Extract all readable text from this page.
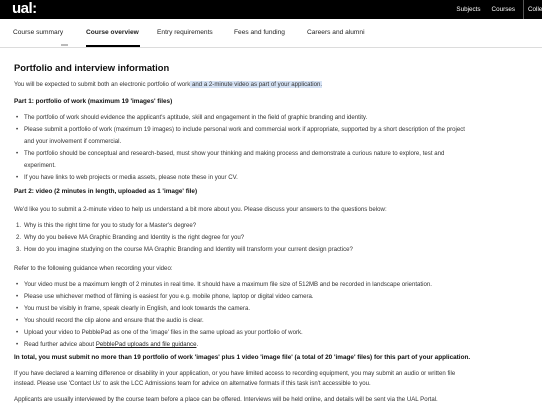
ual:	Subjects Courses Colleges
Course summary	Course overview	Entry requirements	Fees and funding	Careers and alumni
Portfolio and interview information

You will be expected to submit both an electronic portfolio of work and a 2-minute video as part of your application.

Part 1: portfolio of work (maximum 19 'images' files)
• The portfolio of work should evidence the applicant's aptitude, skill and engagement in the field of graphic branding and identity.
• Please submit a portfolio of work (maximum 19 images) to include personal work and commercial work if appropriate, supported by a short description of the project
and your involvement if commercial.
• The portfolio should be conceptual and research-based, must show your thinking and making process and demonstrate a curious nature to explore, test and
experiment.
• If you have links to web projects or media assets, please note these in your CV.
Part 2: video (2 minutes in length, uploaded as 1 'image' file)

We'd like you to submit a 2-minute video to help us understand a bit more about you. Please discuss your answers to the questions below:

1. Why is this the right time for you to study for a Master's degree?
2. Why do you believe MA Graphic Branding and Identity is the right degree for you?
3. How do you imagine studying on the course MA Graphic Branding and Identity will transform your current design practice?

Refer to the following guidance when recording your video:

• Your video must be a maximum length of 2 minutes in real time. It should have a maximum file size of 512MB and be recorded in landscape orientation.
• Please use whichever method of filming is easiest for you e.g. mobile phone, laptop or digital video camera.
• You must be visibly in frame, speak clearly in English, and look towards the camera.
• You should record the clip alone and ensure that the audio is clear.
• Upload your video to PebblePad as one of the 'image' files in the same upload as your portfolio of work.
• Read further advice about PebblePad uploads and file guidance.
In total, you must submit no more than 19 portfolio of work 'images' plus 1 video 'image file' (a total of 20 'image' files) for this part of your application.

If you have declared a learning difference or disability in your application, or you have limited access to recording equipment, you may submit an audio or written file

instead. Please use 'Contact Us' to ask the LCC Admissions team for advice on alternative formats if this task isn't accessible to you.

Applicants are usually interviewed by the course team before a place can be offered. Interviews will be held online, and details will be sent via the UAL Portal.
